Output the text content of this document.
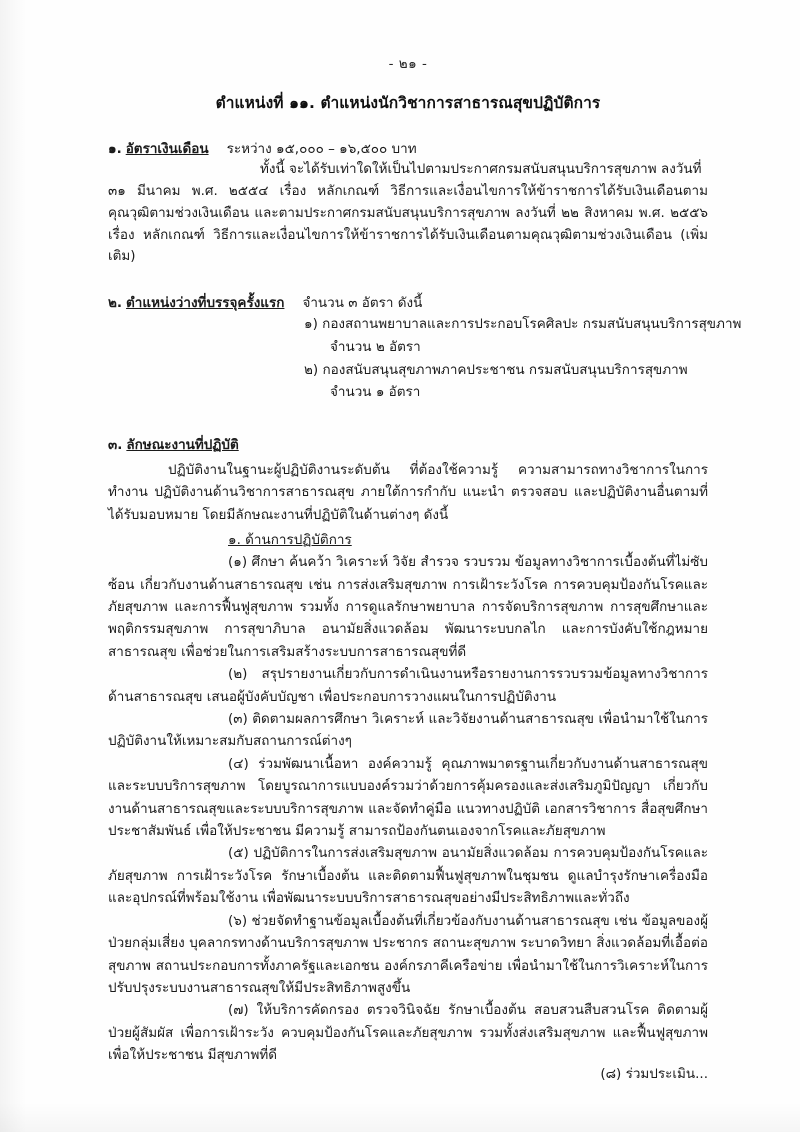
- ๒๑ -
ตำแหน่งที่ ๑๑. ตำแหน่งนักวิชาการสาธารณสุขปฏิบัติการ
๑. อัตราเงินเดือน	ระหว่าง ๑๕,๐๐๐ – ๑๖,๕๐๐ บาท
ทั้งนี้ จะได้รับเท่าใดให้เป็นไปตามประกาศกรมสนับสนุนบริการสุขภาพ ลงวันที่
๓๑ มีนาคม พ.ศ. ๒๕๕๔ เรื่อง หลักเกณฑ์ วิธีการและเงื่อนไขการให้ข้าราชการได้รับเงินเดือนตามคุณวุฒิตามช่วงเงินเดือน และตามประกาศกรมสนับสนุนบริการสุขภาพ ลงวันที่ ๒๒ สิงหาคม พ.ศ. ๒๕๕๖ เรื่อง หลักเกณฑ์ วิธีการและเงื่อนไขการให้ข้าราชการได้รับเงินเดือนตามคุณวุฒิตามช่วงเงินเดือน (เพิ่มเติม)
๒. ตำแหน่งว่างที่บรรจุครั้งแรก	จำนวน ๓ อัตรา ดังนี้
๑) กองสถานพยาบาลและการประกอบโรคศิลปะ กรมสนับสนุนบริการสุขภาพ
จำนวน ๒ อัตรา
๒) กองสนับสนุนสุขภาพภาคประชาชน กรมสนับสนุนบริการสุขภาพ
จำนวน ๑ อัตรา
๓. ลักษณะงานที่ปฏิบัติ
ปฏิบัติงานในฐานะผู้ปฏิบัติงานระดับต้น ที่ต้องใช้ความรู้ ความสามารถทางวิชาการในการทำงาน ปฏิบัติงานด้านวิชาการสาธารณสุข ภายใต้การกำกับ แนะนำ ตรวจสอบ และปฏิบัติงานอื่นตามที่ได้รับมอบหมาย โดยมีลักษณะงานที่ปฏิบัติในด้านต่างๆ ดังนี้
๑. ด้านการปฏิบัติการ

(๑) ศึกษา ค้นคว้า วิเคราะห์ วิจัย สำรวจ รวบรวม ข้อมูลทางวิชาการเบื้องต้นที่ไม่ซับซ้อน เกี่ยวกับงานด้านสาธารณสุข เช่น การส่งเสริมสุขภาพ การเฝ้าระวังโรค การควบคุมป้องกันโรคและภัยสุขภาพ และการฟื้นฟูสุขภาพ รวมทั้ง การดูแลรักษาพยาบาล การจัดบริการสุขภาพ การสุขศึกษาและพฤติกรรมสุขภาพ การสุขาภิบาล อนามัยสิ่งแวดล้อม พัฒนาระบบกลไก และการบังคับใช้กฎหมายสาธารณสุข เพื่อช่วยในการเสริมสร้างระบบการสาธารณสุขที่ดี

(๒) สรุปรายงานเกี่ยวกับการดำเนินงานหรือรายงานการรวบรวมข้อมูลทางวิชาการด้านสาธารณสุข เสนอผู้บังคับบัญชา เพื่อประกอบการวางแผนในการปฏิบัติงาน

(๓) ติดตามผลการศึกษา วิเคราะห์ และวิจัยงานด้านสาธารณสุข เพื่อนำมาใช้ในการปฏิบัติงานให้เหมาะสมกับสถานการณ์ต่างๆ

(๔) ร่วมพัฒนาเนื้อหา องค์ความรู้ คุณภาพมาตรฐานเกี่ยวกับงานด้านสาธารณสุข และระบบบริการสุขภาพ โดยบูรณาการแบบองค์รวมว่าด้วยการคุ้มครองและส่งเสริมภูมิปัญญา เกี่ยวกับงานด้านสาธารณสุขและระบบบริการสุขภาพ และจัดทำคู่มือ แนวทางปฏิบัติ เอกสารวิชาการ สื่อสุขศึกษา ประชาสัมพันธ์ เพื่อให้ประชาชน มีความรู้ สามารถป้องกันตนเองจากโรคและภัยสุขภาพ

(๕) ปฏิบัติการในการส่งเสริมสุขภาพ อนามัยสิ่งแวดล้อม การควบคุมป้องกันโรคและภัยสุขภาพ การเฝ้าระวังโรค รักษาเบื้องต้น และติดตามฟื้นฟูสุขภาพในชุมชน ดูแลบำรุงรักษาเครื่องมือและอุปกรณ์ที่พร้อมใช้งาน เพื่อพัฒนาระบบบริการสาธารณสุขอย่างมีประสิทธิภาพและทั่วถึง

(๖) ช่วยจัดทำฐานข้อมูลเบื้องต้นที่เกี่ยวข้องกับงานด้านสาธารณสุข เช่น ข้อมูลของผู้ป่วยกลุ่มเสี่ยง บุคลากรทางด้านบริการสุขภาพ ประชากร สถานะสุขภาพ ระบาดวิทยา สิ่งแวดล้อมที่เอื้อต่อสุขภาพ สถานประกอบการทั้งภาครัฐและเอกชน องค์กรภาคีเครือข่าย เพื่อนำมาใช้ในการวิเคราะห์ในการปรับปรุงระบบงานสาธารณสุขให้มีประสิทธิภาพสูงขึ้น

(๗) ให้บริการคัดกรอง ตรวจวินิจฉัย รักษาเบื้องต้น สอบสวนสืบสวนโรค ติดตามผู้ป่วยผู้สัมผัส เพื่อการเฝ้าระวัง ควบคุมป้องกันโรคและภัยสุขภาพ รวมทั้งส่งเสริมสุขภาพ และฟื้นฟูสุขภาพ เพื่อให้ประชาชน มีสุขภาพที่ดี

(๘) ร่วมประเมิน...
